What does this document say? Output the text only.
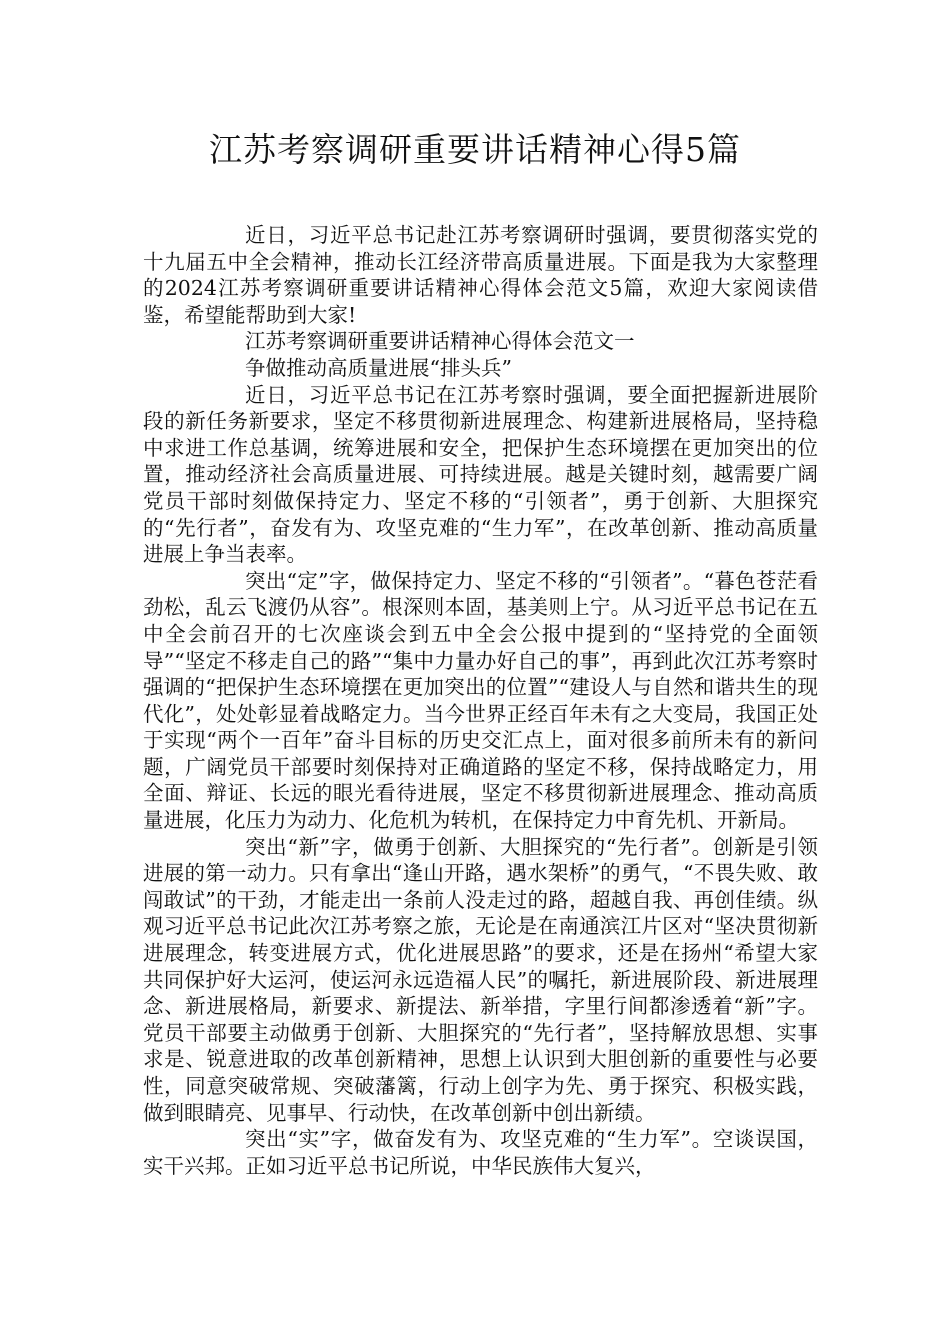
江苏考察调研重要讲话精神心得5篇

近日，习近平总书记赴江苏考察调研时强调，要贯彻落实党的十九届五中全会精神，推动长江经济带高质量进展。下面是我为大家整理的2024江苏考察调研重要讲话精神心得体会范文5篇，欢迎大家阅读借鉴，希望能帮助到大家!

江苏考察调研重要讲话精神心得体会范文一

争做推动高质量进展“排头兵”

近日，习近平总书记在江苏考察时强调，要全面把握新进展阶段的新任务新要求，坚定不移贯彻新进展理念、构建新进展格局，坚持稳中求进工作总基调，统筹进展和安全，把保护生态环境摆在更加突出的位置，推动经济社会高质量进展、可持续进展。越是关键时刻，越需要广阔党员干部时刻做保持定力、坚定不移的“引领者”，勇于创新、大胆探究的“先行者”，奋发有为、攻坚克难的“生力军”，在改革创新、推动高质量进展上争当表率。

突出“定”字，做保持定力、坚定不移的“引领者”。“暮色苍茫看劲松，乱云飞渡仍从容”。根深则本固，基美则上宁。从习近平总书记在五中全会前召开的七次座谈会到五中全会公报中提到的“坚持党的全面领导”“坚定不移走自己的路”“集中力量办好自己的事”，再到此次江苏考察时强调的“把保护生态环境摆在更加突出的位置”“建设人与自然和谐共生的现代化”，处处彰显着战略定力。当今世界正经百年未有之大变局，我国正处于实现“两个一百年”奋斗目标的历史交汇点上，面对很多前所未有的新问题，广阔党员干部要时刻保持对正确道路的坚定不移，保持战略定力，用全面、辩证、长远的眼光看待进展，坚定不移贯彻新进展理念、推动高质量进展，化压力为动力、化危机为转机，在保持定力中育先机、开新局。

突出“新”字，做勇于创新、大胆探究的“先行者”。创新是引领进展的第一动力。只有拿出“逢山开路，遇水架桥”的勇气，“不畏失败、敢闯敢试”的干劲，才能走出一条前人没走过的路，超越自我、再创佳绩。纵观习近平总书记此次江苏考察之旅，无论是在南通滨江片区对“坚决贯彻新进展理念，转变进展方式，优化进展思路”的要求，还是在扬州“希望大家共同保护好大运河，使运河永远造福人民”的嘱托，新进展阶段、新进展理念、新进展格局，新要求、新提法、新举措，字里行间都渗透着“新”字。党员干部要主动做勇于创新、大胆探究的“先行者”，坚持解放思想、实事求是、锐意进取的改革创新精神，思想上认识到大胆创新的重要性与必要性，同意突破常规、突破藩篱，行动上创字为先、勇于探究、积极实践，做到眼睛亮、见事早、行动快，在改革创新中创出新绩。

突出“实”字，做奋发有为、攻坚克难的“生力军”。空谈误国，实干兴邦。正如习近平总书记所说，中华民族伟大复兴，
